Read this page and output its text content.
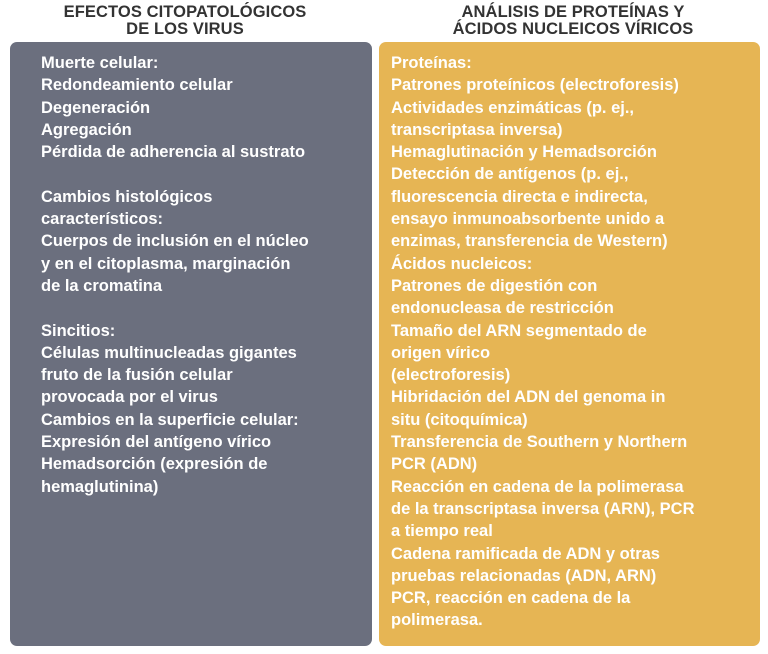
EFECTOS CITOPATOLÓGICOS
DE LOS VIRUS
ANÁLISIS DE PROTEÍNAS Y
ÁCIDOS NUCLEICOS VÍRICOS
Muerte celular:
Redondeamiento celular
Degeneración
Agregación
Pérdida de adherencia al sustrato
Cambios histológicos
característicos:
Cuerpos de inclusión en el núcleo
y en el citoplasma, marginación
de la cromatina
Sincitios:
Células multinucleadas gigantes
fruto de la fusión celular
provocada por el virus
Cambios en la superficie celular:
Expresión del antígeno vírico
Hemadsorción (expresión de
hemaglutinina)
Proteínas:
Patrones proteínicos (electroforesis)
Actividades enzimáticas (p. ej.,
transcriptasa inversa)
Hemaglutinación y Hemadsorción
Detección de antígenos (p. ej.,
fluorescencia directa e indirecta,
ensayo inmunoabsorbente unido a
enzimas, transferencia de Western)
Ácidos nucleicos:
Patrones de digestión con
endonucleasa de restricción
Tamaño del ARN segmentado de
origen vírico
(electroforesis)
Hibridación del ADN del genoma in
situ (citoquímica)
Transferencia de Southern y Northern
PCR (ADN)
Reacción en cadena de la polimerasa
de la transcriptasa inversa (ARN), PCR
a tiempo real
Cadena ramificada de ADN y otras
pruebas relacionadas (ADN, ARN)
PCR, reacción en cadena de la
polimerasa.
